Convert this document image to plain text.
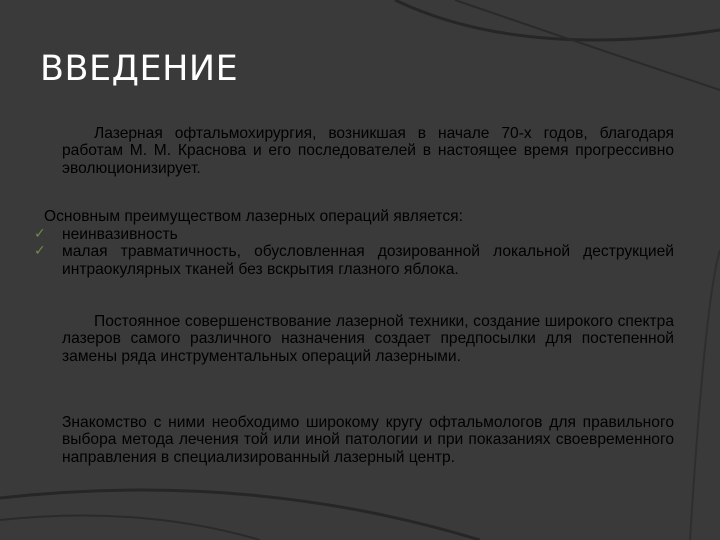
ВВЕДЕНИЕ
Лазерная офтальмохирургия, возникшая в начале 70-х годов, благодаря работам М. М. Краснова и его последователей в настоящее время прогрессивно эволюционизирует.
Основным преимуществом лазерных операций является:
✓ неинвазивность
✓ малая травматичность, обусловленная дозированной локальной деструкцией интраокулярных тканей без вскрытия глазного яблока.
Постоянное совершенствование лазерной техники, создание широкого спектра лазеров самого различного назначения создает предпосылки для постепенной замены ряда инструментальных операций лазерными.
Знакомство с ними необходимо широкому кругу офтальмологов для правильного выбора метода лечения той или иной патологии и при показаниях своевременного направления в специализированный лазерный центр.
